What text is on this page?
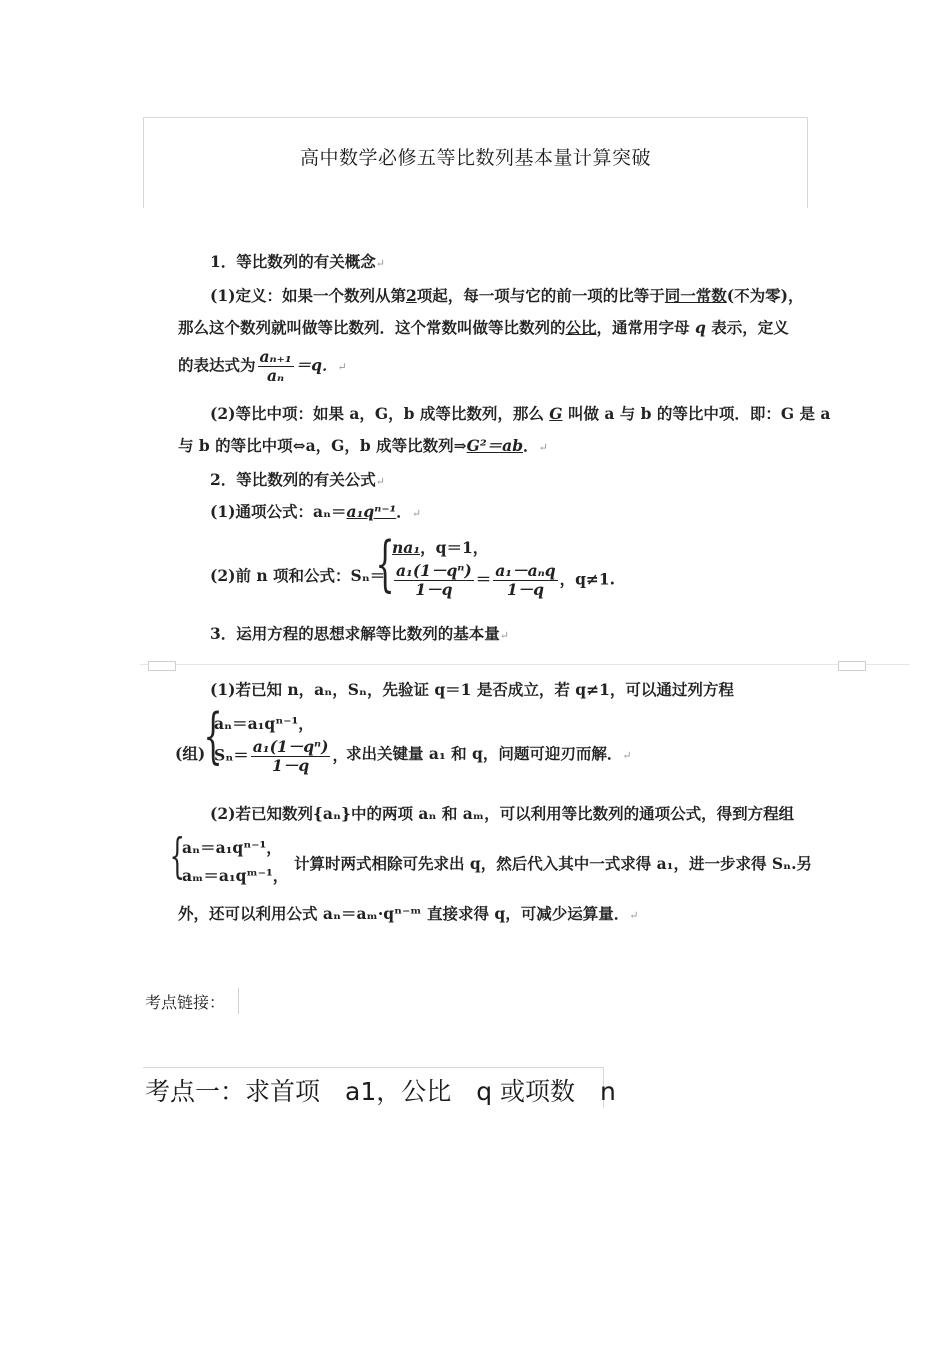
高中数学必修五等比数列基本量计算突破
1．等比数列的有关概念↵
(1)定义：如果一个数列从第2项起，每一项与它的前一项的比等于同一常数(不为零)，
那么这个数列就叫做等比数列．这个常数叫做等比数列的公比，通常用字母 q 表示，定义
的表达式为 $\frac{\text{aₙ₊₁}}{\text{aₙ}} =q$．↵
(2)等比中项：如果 a，G，b 成等比数列，那么 G 叫做 a 与 b 的等比中项．即：G 是 a
与 b 的等比中项⇔a，G，b 成等比数列⇒G²＝ab．↵
2．等比数列的有关公式↵
(1)通项公式：aₙ＝a₁qⁿ⁻¹．↵
(2)前 n 项和公式：Sₙ＝
{
na₁，q＝1，
$\frac{\text{a₁(1－qⁿ)}}{1-q} = \frac{\text{a₁－aₙq}}{1-q}$ ，q≠1.
3．运用方程的思想求解等比数列的基本量↵
(1)若已知 n，aₙ，Sₙ，先验证 q＝1 是否成立，若 q≠1，可以通过列方程
(组)
{
aₙ＝a₁qⁿ⁻¹，
$S_n= \frac{\text{a₁(1－qⁿ)}}{1-q}$ ，
求出关键量 a₁ 和 q，问题可迎刃而解．↵
(2)若已知数列{aₙ}中的两项 aₙ 和 aₘ，可以利用等比数列的通项公式，得到方程组
{
aₙ＝a₁qⁿ⁻¹，
aₘ＝a₁qᵐ⁻¹，
计算时两式相除可先求出 q，然后代入其中一式求得 a₁，进一步求得 Sₙ.另
外，还可以利用公式 aₙ＝aₘ·qⁿ⁻ᵐ 直接求得 q，可减少运算量．↵
考点链接：
考点一：求首项　a1，公比　q 或项数　n
